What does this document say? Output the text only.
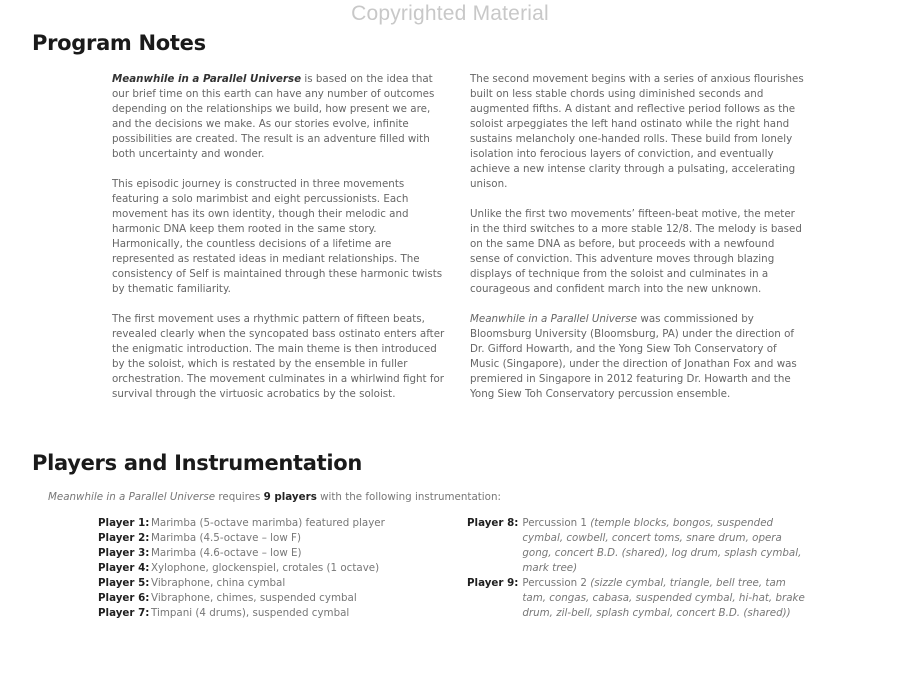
Copyrighted Material
Program Notes

Meanwhile in a Parallel Universe is based on the idea that our brief time on this earth can have any number of outcomes depending on the relationships we build, how present we are, and the decisions we make. As our stories evolve, infinite possibilities are created. The result is an adventure filled with both uncertainty and wonder.

This episodic journey is constructed in three movements featuring a solo marimbist and eight percussionists. Each movement has its own identity, though their melodic and harmonic DNA keep them rooted in the same story. Harmonically, the countless decisions of a lifetime are represented as restated ideas in mediant relationships. The consistency of Self is maintained through these harmonic twists by thematic familiarity.

The first movement uses a rhythmic pattern of fifteen beats, revealed clearly when the syncopated bass ostinato enters after the enigmatic introduction. The main theme is then introduced by the soloist, which is restated by the ensemble in fuller orchestration. The movement culminates in a whirlwind fight for survival through the virtuosic acrobatics by the soloist.

The second movement begins with a series of anxious flourishes built on less stable chords using diminished seconds and augmented fifths. A distant and reflective period follows as the soloist arpeggiates the left hand ostinato while the right hand sustains melancholy one-handed rolls. These build from lonely isolation into ferocious layers of conviction, and eventually achieve a new intense clarity through a pulsating, accelerating unison.

Unlike the first two movements’ fifteen-beat motive, the meter in the third switches to a more stable 12/8. The melody is based on the same DNA as before, but proceeds with a newfound sense of conviction. This adventure moves through blazing displays of technique from the soloist and culminates in a courageous and confident march into the new unknown.

Meanwhile in a Parallel Universe was commissioned by Bloomsburg University (Bloomsburg, PA) under the direction of Dr. Gifford Howarth, and the Yong Siew Toh Conservatory of Music (Singapore), under the direction of Jonathan Fox and was premiered in Singapore in 2012 featuring Dr. Howarth and the Yong Siew Toh Conservatory percussion ensemble.

Players and Instrumentation
Meanwhile in a Parallel Universe requires 9 players with the following instrumentation:
Player 1: Marimba (5-octave marimba) featured player
Player 2: Marimba (4.5-octave – low F)
Player 3: Marimba (4.6-octave – low E)
Player 4: Xylophone, glockenspiel, crotales (1 octave)
Player 5: Vibraphone, china cymbal
Player 6: Vibraphone, chimes, suspended cymbal
Player 7: Timpani (4 drums), suspended cymbal
Player 8: Percussion 1 (temple blocks, bongos, suspended cymbal, cowbell, concert toms, snare drum, opera gong, concert B.D. (shared), log drum, splash cymbal, mark tree)
Player 9: Percussion 2 (sizzle cymbal, triangle, bell tree, tam tam, congas, cabasa, suspended cymbal, hi-hat, brake drum, zil-bell, splash cymbal, concert B.D. (shared))
